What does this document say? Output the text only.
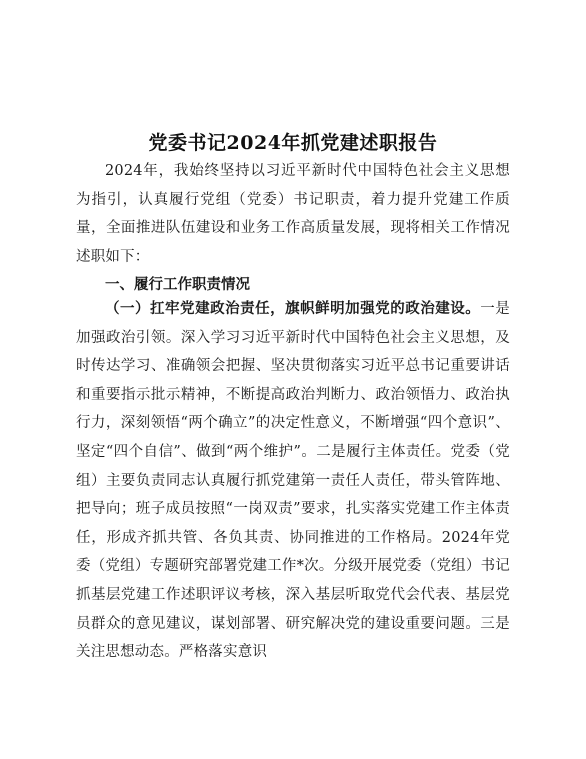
党委书记2024年抓党建述职报告
2024年，我始终坚持以习近平新时代中国特色社会主义思想为指引，认真履行党组（党委）书记职责，着力提升党建工作质量，全面推进队伍建设和业务工作高质量发展，现将相关工作情况述职如下：
一、履行工作职责情况
（一）扛牢党建政治责任，旗帜鲜明加强党的政治建设。一是加强政治引领。深入学习习近平新时代中国特色社会主义思想，及时传达学习、准确领会把握、坚决贯彻落实习近平总书记重要讲话和重要指示批示精神，不断提高政治判断力、政治领悟力、政治执行力，深刻领悟“两个确立”的决定性意义，不断增强“四个意识”、坚定“四个自信”、做到“两个维护”。二是履行主体责任。党委（党组）主要负责同志认真履行抓党建第一责任人责任，带头管阵地、把导向；班子成员按照“一岗双责”要求，扎实落实党建工作主体责任，形成齐抓共管、各负其责、协同推进的工作格局。2024年党委（党组）专题研究部署党建工作*次。分级开展党委（党组）书记抓基层党建工作述职评议考核，深入基层听取党代会代表、基层党员群众的意见建议，谋划部署、研究解决党的建设重要问题。三是关注思想动态。严格落实意识
